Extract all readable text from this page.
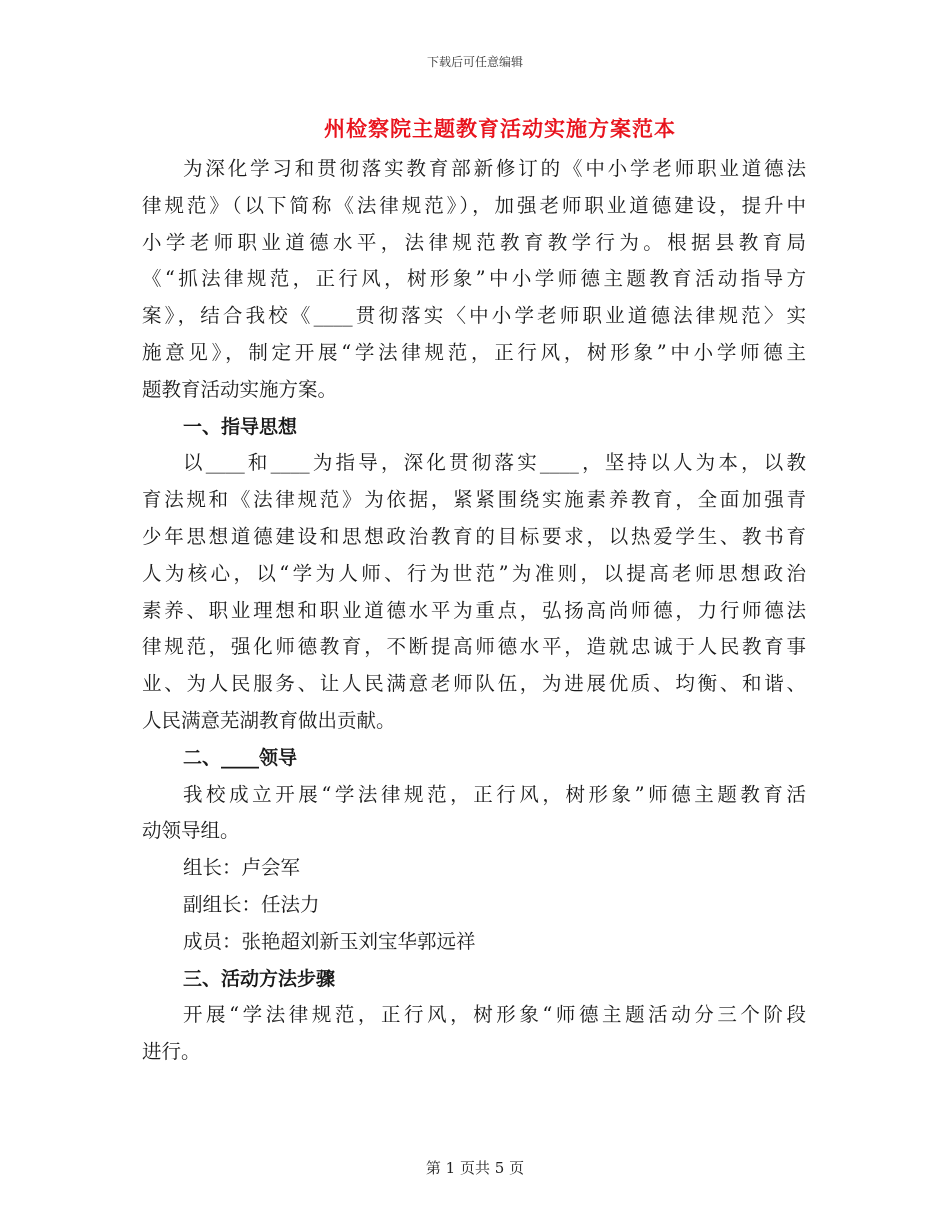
下载后可任意编辑
州检察院主题教育活动实施方案范本
为深化学习和贯彻落实教育部新修订的《中小学老师职业道德法
律规范》（以下简称《法律规范》），加强老师职业道德建设，提升中
小学老师职业道德水平，法律规范教育教学行为。根据县教育局
《“抓法律规范，正行风，树形象”中小学师德主题教育活动指导方
案》，结合我校《____贯彻落实〈中小学老师职业道德法律规范〉实
施意见》，制定开展“学法律规范，正行风，树形象”中小学师德主
题教育活动实施方案。
一、指导思想
以____和____为指导，深化贯彻落实____，坚持以人为本，以教
育法规和《法律规范》为依据，紧紧围绕实施素养教育，全面加强青
少年思想道德建设和思想政治教育的目标要求，以热爱学生、教书育
人为核心，以“学为人师、行为世范”为准则，以提高老师思想政治
素养、职业理想和职业道德水平为重点，弘扬高尚师德，力行师德法
律规范，强化师德教育，不断提高师德水平，造就忠诚于人民教育事
业、为人民服务、让人民满意老师队伍，为进展优质、均衡、和谐、
人民满意芜湖教育做出贡献。
二、____领导
我校成立开展“学法律规范，正行风，树形象”师德主题教育活
动领导组。
组长：卢会军
副组长：任法力
成员：张艳超刘新玉刘宝华郭远祥
三、活动方法步骤
开展“学法律规范，正行风，树形象“师德主题活动分三个阶段
进行。
第 1 页共 5 页
